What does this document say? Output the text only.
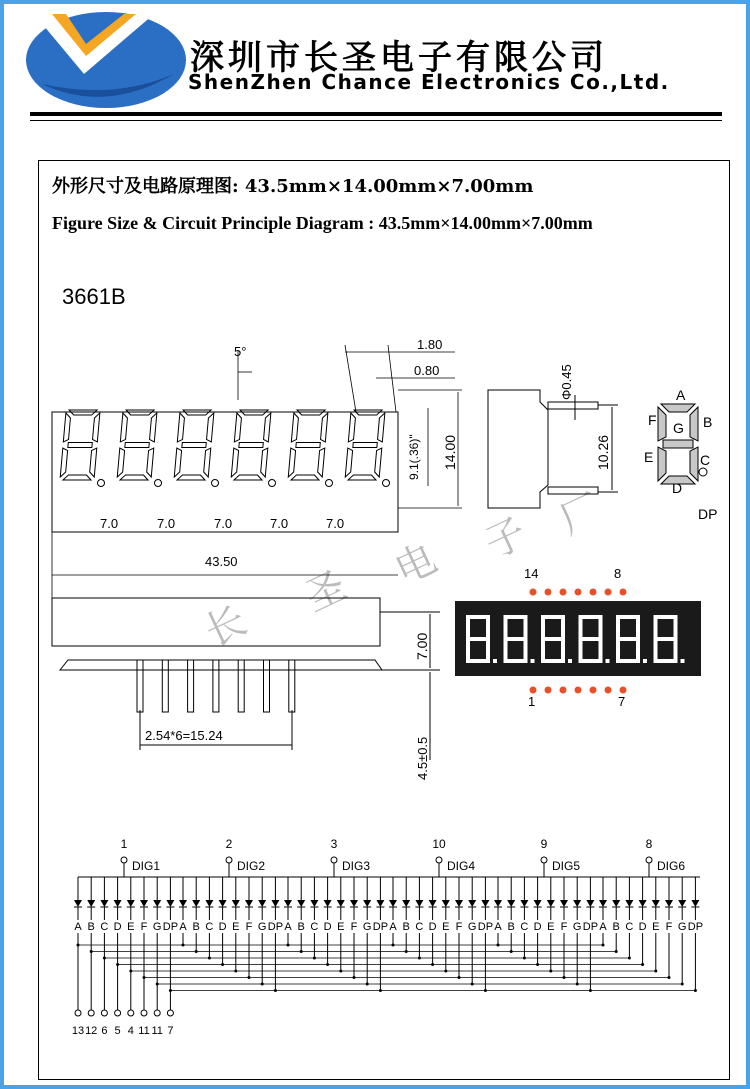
深圳市长圣电子有限公司
ShenZhen Chance Electronics Co.,Ltd.
外形尺寸及电路原理图: 43.5mm×14.00mm×7.00mm
Figure Size & Circuit Principle Diagram : 43.5mm×14.00mm×7.00mm
3661B
长
圣 电 子 厂
5°	1.80
0.80
9.1(.36)" 14.00
7.0	7.0	7.0	7.0	7.0
43.50
7.00
4.5±0.5
2.54*6=15.24
Φ0.45
10.26
A
B
C
D
E
F G
DP
14	8
1	7
1
DIG1
A B C D E F G DP
2
DIG2
A B C D E F G DP
3
DIG3
A B C D E F G DP
10
DIG4
A B C D E F G DP
9
DIG5
A B C D E F G DP
8
DIG6
A B C D E F G DP
13 12 6 5 4 11 11 7
